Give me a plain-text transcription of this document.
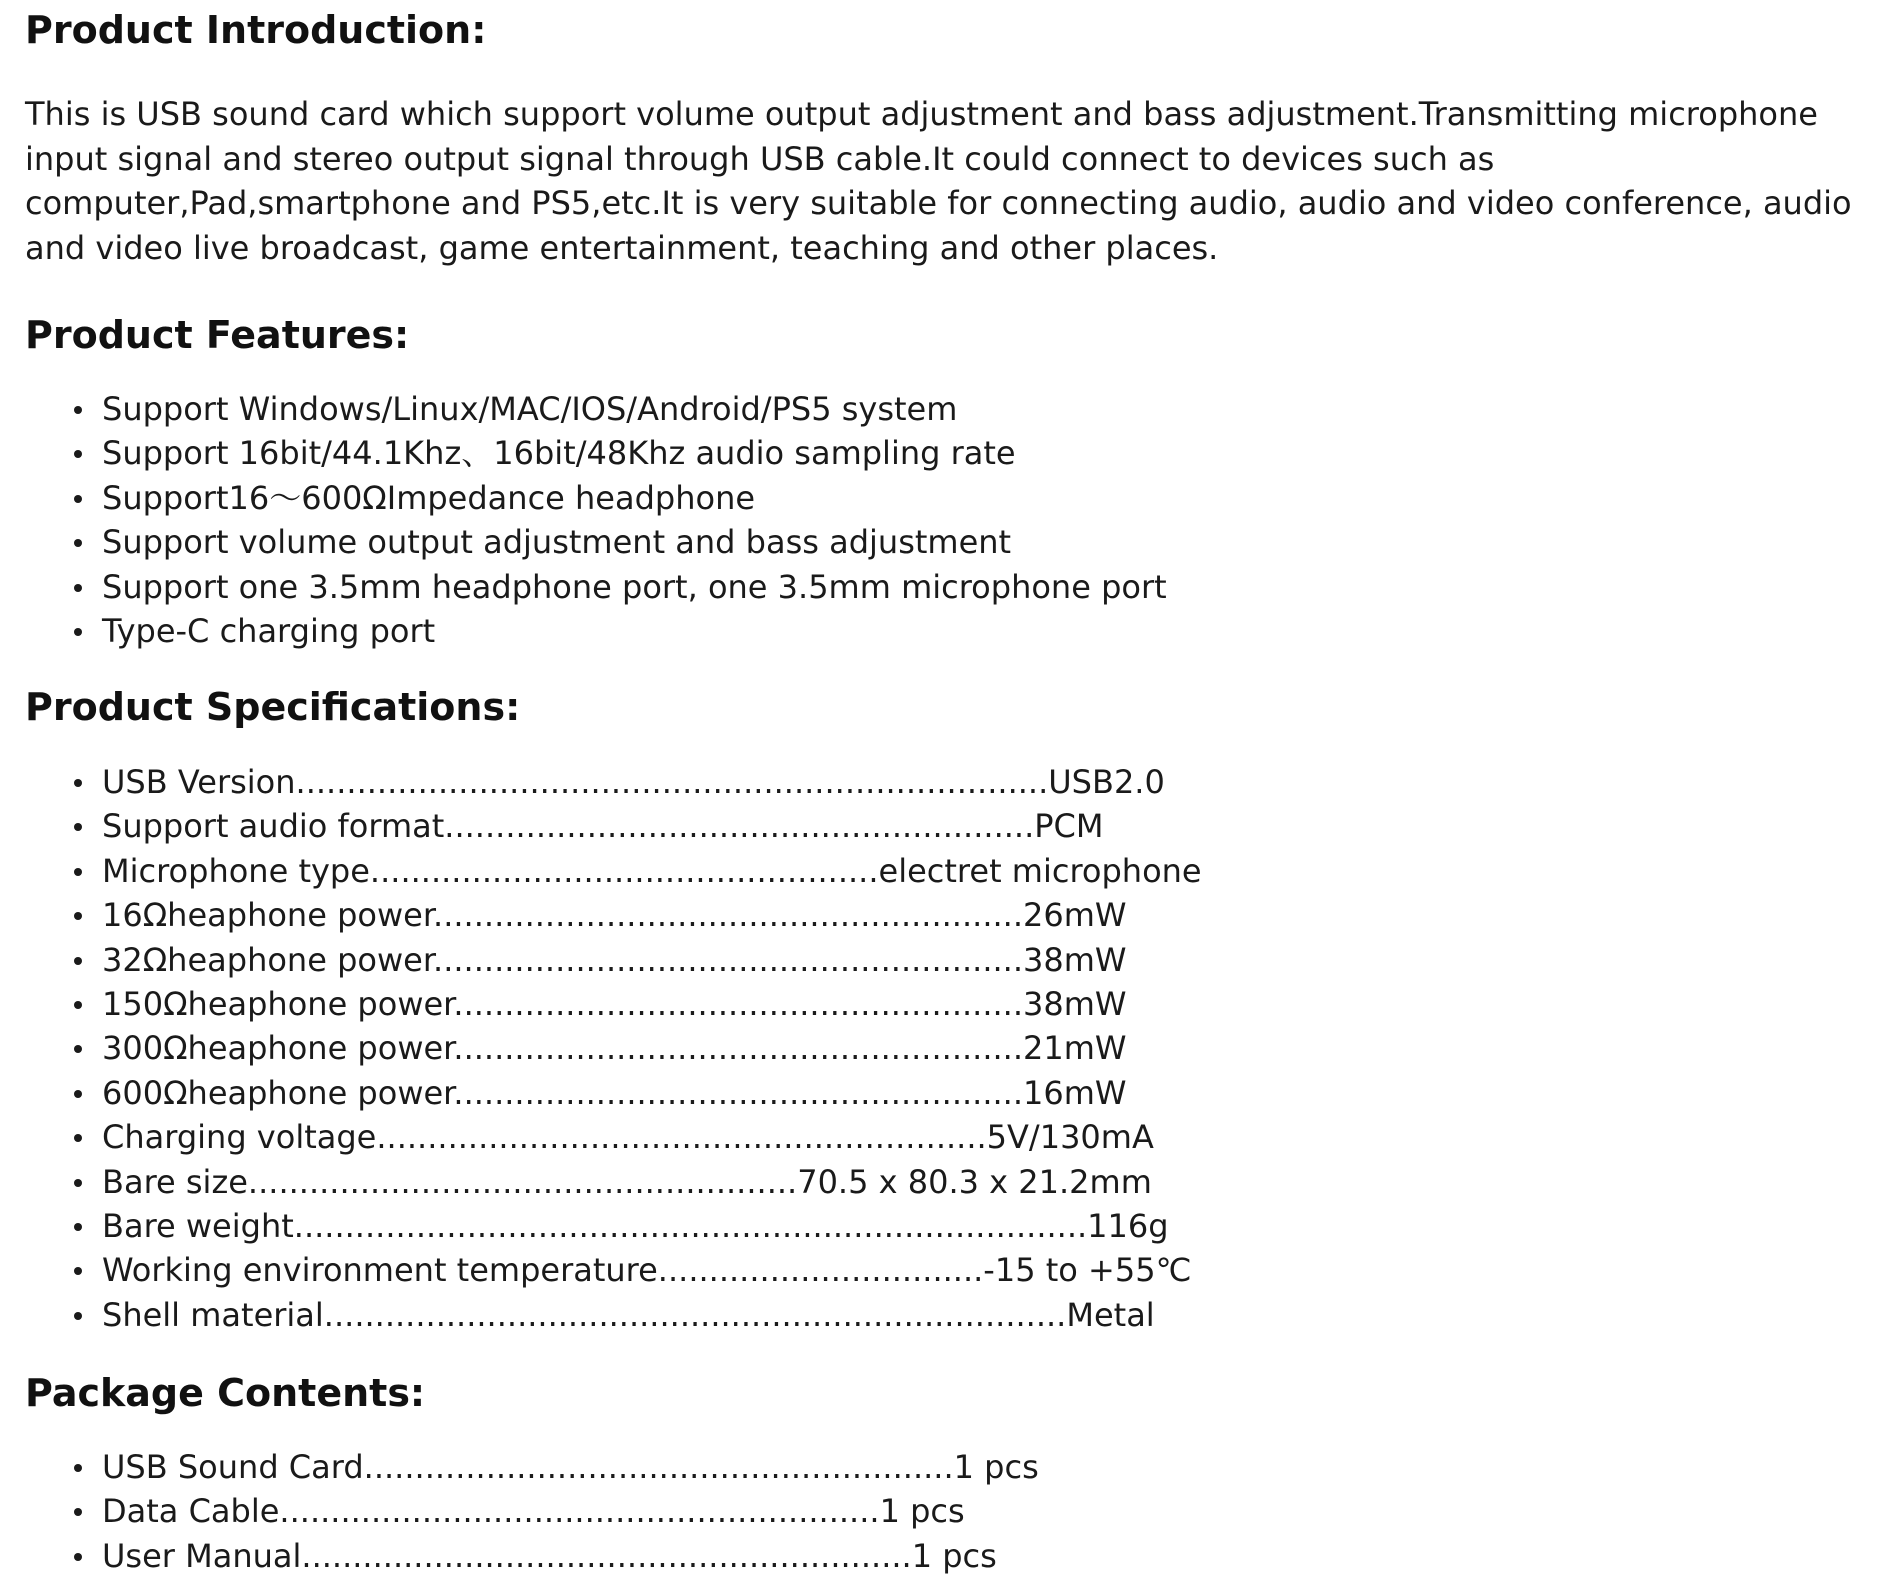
Product Introduction:

This is USB sound card which support volume output adjustment and bass adjustment.Transmitting microphone input signal and stereo output signal through USB cable.It could connect to devices such as computer,Pad,smartphone and PS5,etc.It is very suitable for connecting audio, audio and video conference, audio and video live broadcast, game entertainment, teaching and other places.

Product Features:
Support Windows/Linux/MAC/IOS/Android/PS5 system
Support 16bit/44.1Khz、16bit/48Khz audio sampling rate
Support16～600ΩImpedance headphone
Support volume output adjustment and bass adjustment
Support one 3.5mm headphone port, one 3.5mm microphone port
Type-C charging port
Product Specifications:
USB Version..........................................................................USB2.0
Support audio format..........................................................PCM
Microphone type..................................................electret microphone
16Ωheaphone power..........................................................26mW
32Ωheaphone power..........................................................38mW
150Ωheaphone power........................................................38mW
300Ωheaphone power........................................................21mW
600Ωheaphone power........................................................16mW
Charging voltage............................................................5V/130mA
Bare size......................................................70.5 x 80.3 x 21.2mm
Bare weight..............................................................................116g
Working environment temperature................................-15 to +55℃
Shell material.........................................................................Metal
Package Contents:
USB Sound Card..........................................................1 pcs
Data Cable...........................................................1 pcs
User Manual............................................................1 pcs
